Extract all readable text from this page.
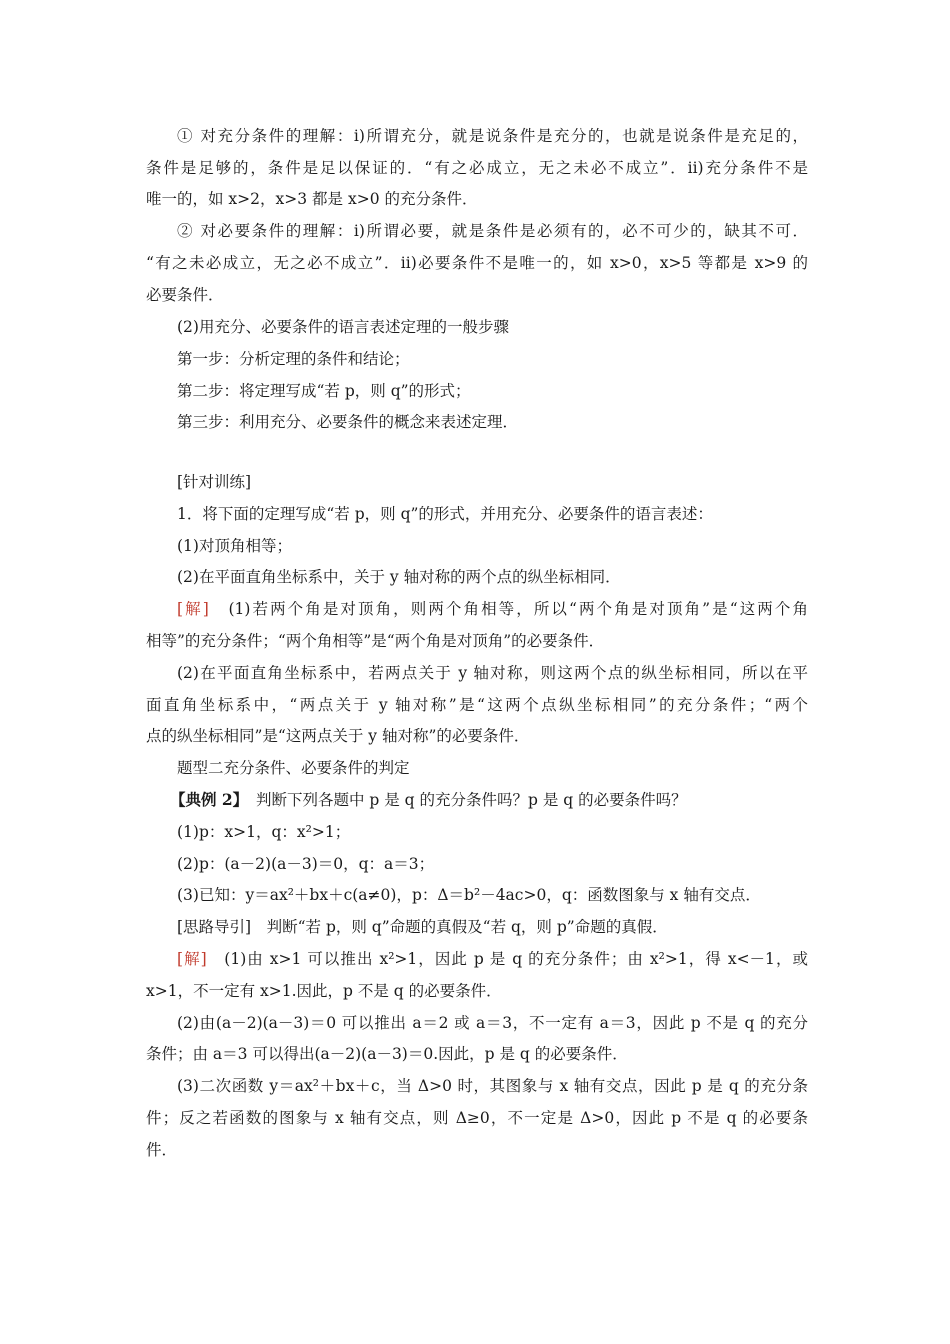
① 对充分条件的理解：i)所谓充分，就是说条件是充分的，也就是说条件是充足的，
条件是足够的，条件是足以保证的．“有之必成立，无之未必不成立”．ii)充分条件不是
唯一的，如 x>2，x>3 都是 x>0 的充分条件．
② 对必要条件的理解：i)所谓必要，就是条件是必须有的，必不可少的，缺其不可．
“有之未必成立，无之必不成立”．ii)必要条件不是唯一的，如 x>0，x>5 等都是 x>9 的
必要条件．
(2)用充分、必要条件的语言表述定理的一般步骤
第一步：分析定理的条件和结论；
第二步：将定理写成“若 p，则 q”的形式；
第三步：利用充分、必要条件的概念来表述定理．
[针对训练]
1．将下面的定理写成“若 p，则 q”的形式，并用充分、必要条件的语言表述：
(1)对顶角相等；
(2)在平面直角坐标系中，关于 y 轴对称的两个点的纵坐标相同．
[解]　 (1)若两个角是对顶角，则两个角相等，所以“两个角是对顶角”是“这两个角
相等”的充分条件；“两个角相等”是“两个角是对顶角”的必要条件．
(2)在平面直角坐标系中，若两点关于 y 轴对称，则这两个点的纵坐标相同，所以在平
面直角坐标系中，“两点关于 y 轴对称”是“这两个点纵坐标相同”的充分条件；“两个
点的纵坐标相同”是“这两点关于 y 轴对称”的必要条件．
题型二充分条件、必要条件的判定
【典例 2】　 判断下列各题中 p 是 q 的充分条件吗？p 是 q 的必要条件吗？
(1)p：x>1，q：x²>1；
(2)p：(a－2)(a－3)＝0，q：a＝3；
(3)已知：y＝ax²＋bx＋c(a≠0)，p：Δ＝b²－4ac>0，q：函数图象与 x 轴有交点．
[思路导引]　判断“若 p，则 q”命题的真假及“若 q，则 p”命题的真假．
[解]　 (1)由 x>1 可以推出 x²>1，因此 p 是 q 的充分条件；由 x²>1，得 x<－1，或
x>1，不一定有 x>1.因此，p 不是 q 的必要条件．
(2)由(a－2)(a－3)＝0 可以推出 a＝2 或 a＝3，不一定有 a＝3，因此 p 不是 q 的充分
条件；由 a＝3 可以得出(a－2)(a－3)＝0.因此，p 是 q 的必要条件．
(3)二次函数 y＝ax²＋bx＋c，当 Δ>0 时，其图象与 x 轴有交点，因此 p 是 q 的充分条
件；反之若函数的图象与 x 轴有交点，则 Δ≥0，不一定是 Δ>0，因此 p 不是 q 的必要条
件．
